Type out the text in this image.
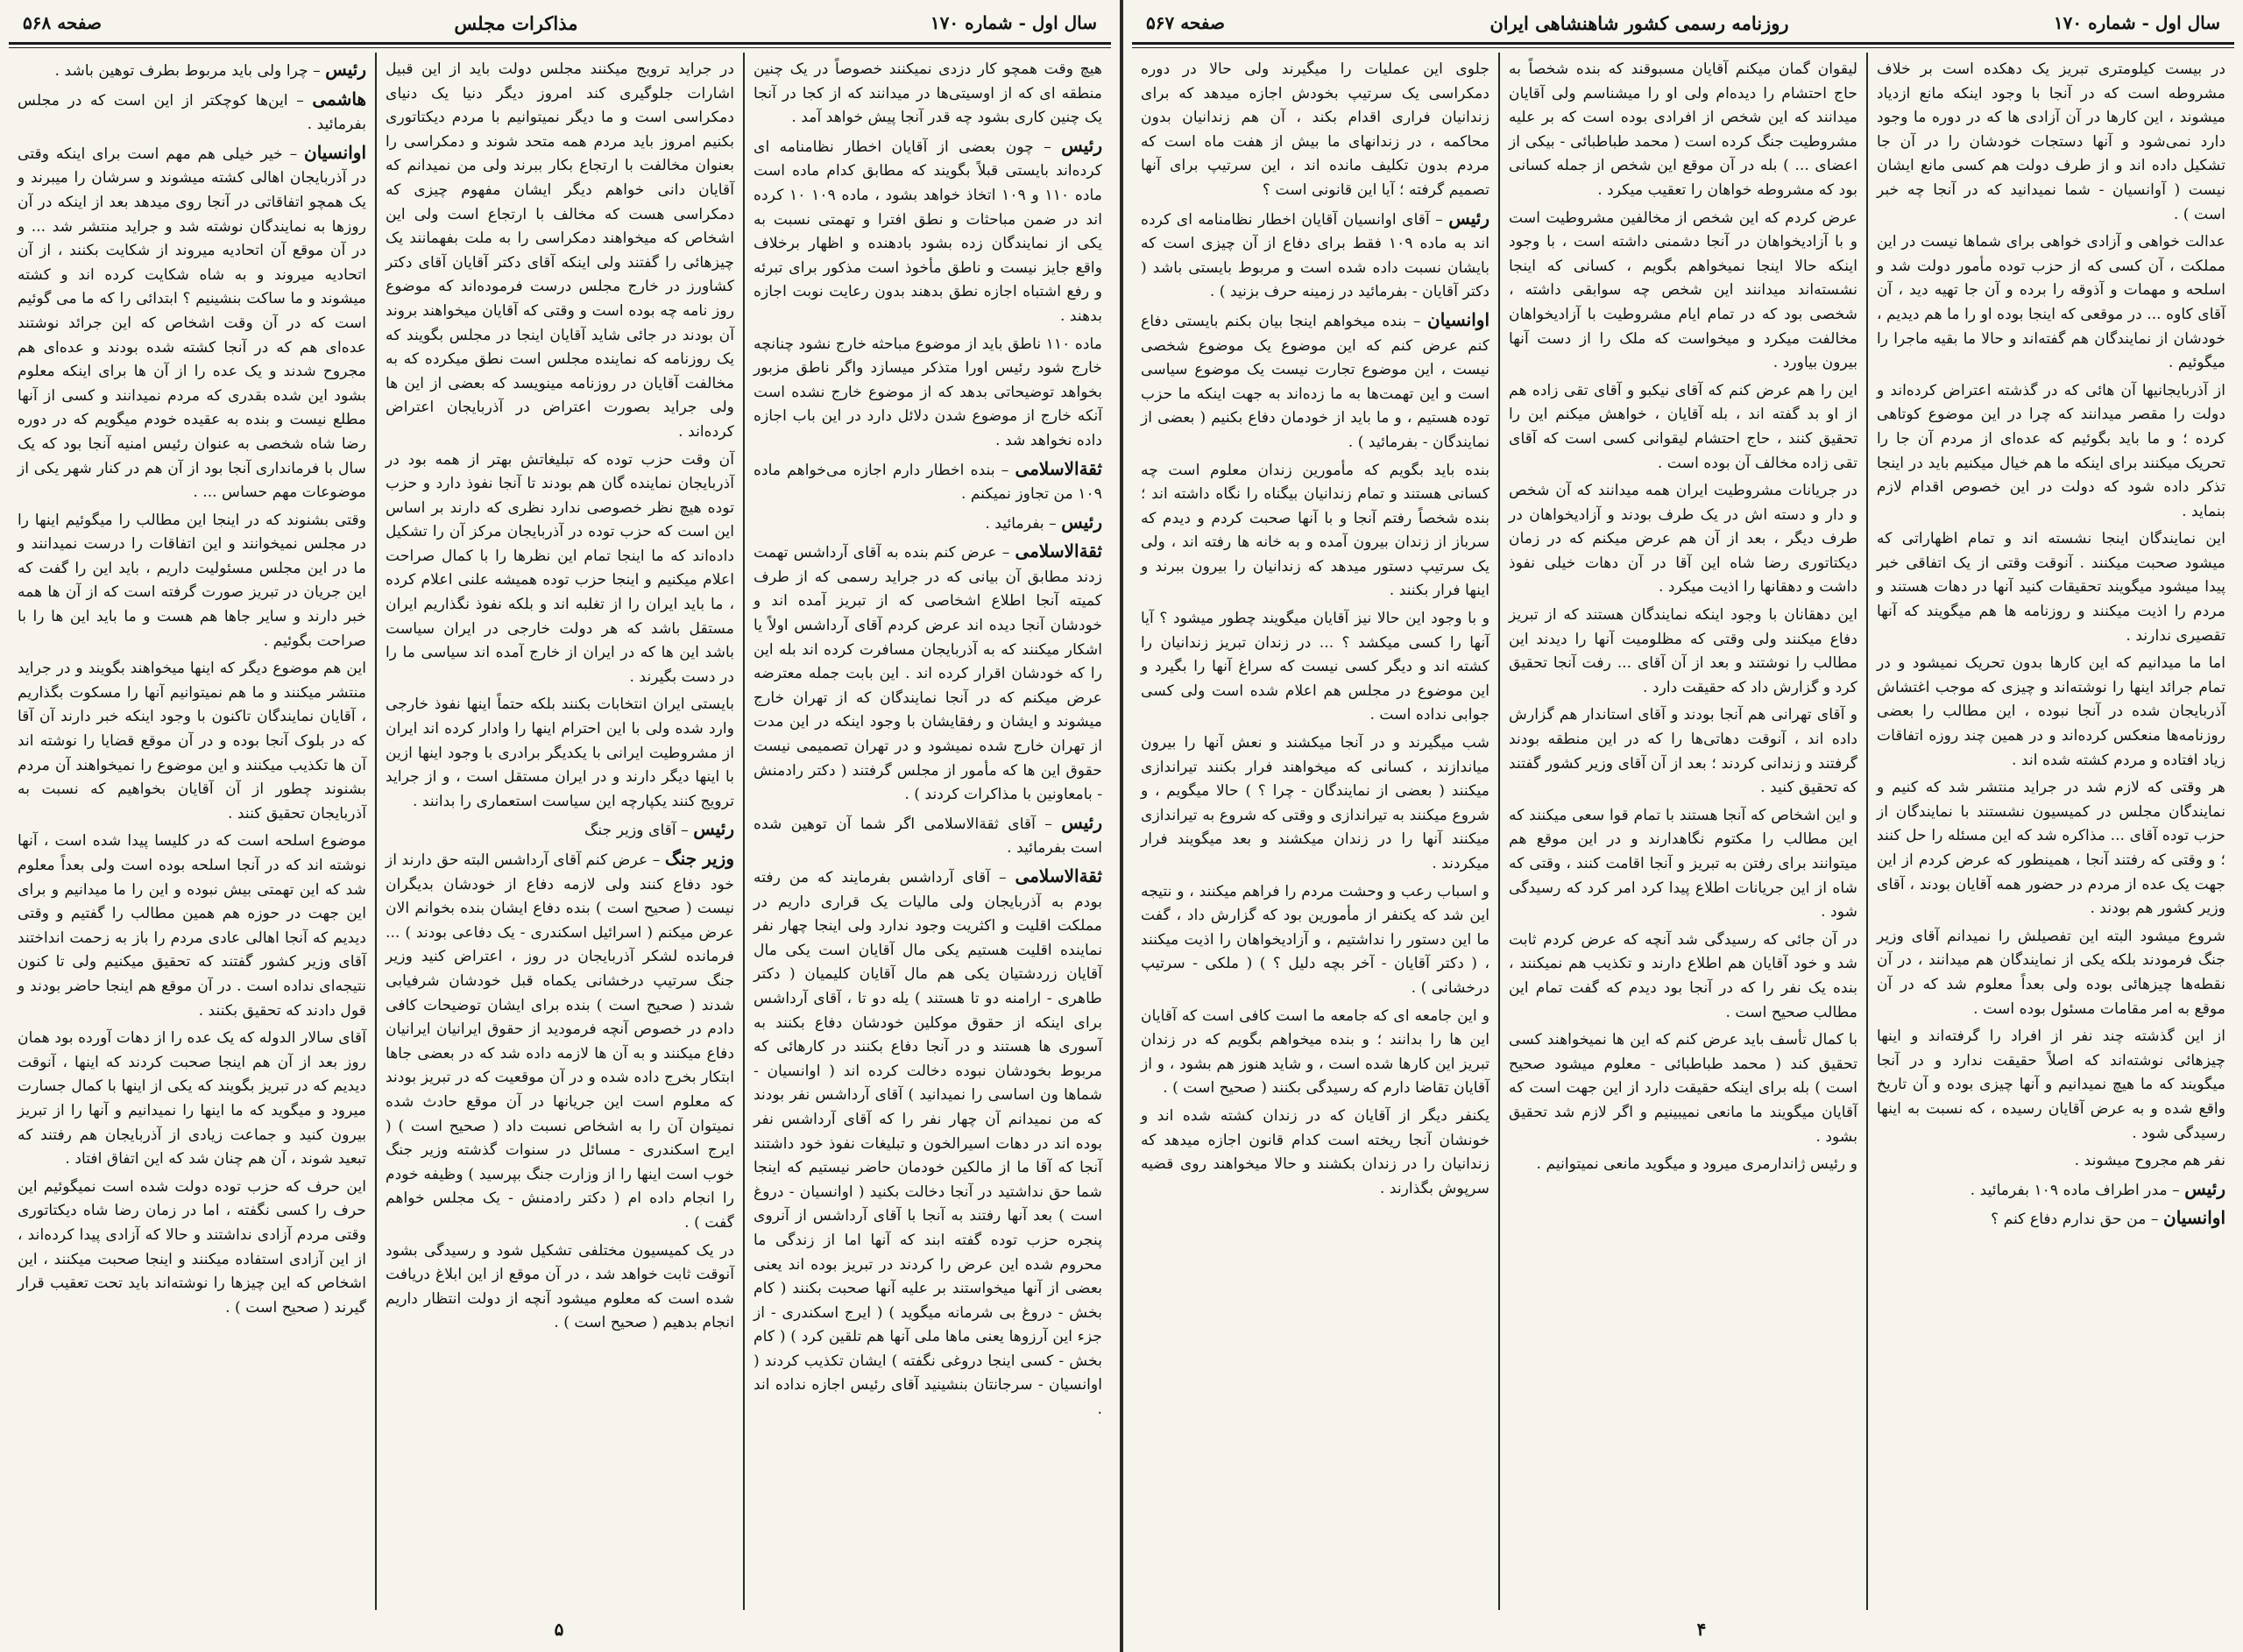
سال اول - شماره ۱۷۰
مذاکرات مجلس
صفحه ۵۶۸

هیچ وقت همچو کار دزدی نمیکنند خصوصاً در یک چنین منطقه ای که از اوسیتی‌ها در میدانند که از کجا در آنجا یک چنین کاری بشود چه قدر آنجا پیش خواهد آمد .

رئیس – چون بعضی از آقایان اخطار نظامنامه ای کرده‌اند بایستی قبلاً بگویند که مطابق کدام ماده است ماده ۱۱۰ و ۱۰۹ اتخاذ خواهد بشود ، ماده ۱۰۹ ۱۰ کرده اند در ضمن مباحثات و نطق افترا و تهمتی نسبت به یکی از نمایندگان زده بشود بادهنده و اظهار برخلاف واقع جایز نیست و ناطق مأخوذ است مذکور برای تبرئه و رفع اشتباه اجازه نطق بدهند بدون رعایت نوبت اجازه بدهند .

ماده ۱۱۰ ناطق باید از موضوع مباحثه خارج نشود چنانچه خارج شود رئیس اورا متذکر میسازد واگر ناطق مزبور بخواهد توضیحاتی بدهد که از موضوع خارج نشده است آنکه خارج از موضوع شدن دلائل دارد در این باب اجازه داده نخواهد شد .

ثقة‌الاسلامی – بنده اخطار دارم اجازه می‌خواهم ماده ۱۰۹ من تجاوز نمیکنم .

رئیس – بفرمائید .

ثقة‌الاسلامی – عرض کنم بنده به آقای آرداشس تهمت زدند مطابق آن بیانی که در جراید رسمی که از طرف کمیته آنجا اطلاع اشخاصی که از تبریز آمده اند و خودشان آنجا دیده اند عرض کردم آقای آرداشس اولاً یا اشکار میکنند که به آذربایجان مسافرت کرده اند بله این را که خودشان اقرار کرده اند . این بابت جمله معترضه عرض میکنم که در آنجا نمایندگان که از تهران خارج میشوند و ایشان و رفقایشان با وجود اینکه در این مدت از تهران خارج شده نمیشود و در تهران تصمیمی نیست حقوق این ها که مأمور از مجلس گرفتند ( دکتر رادمنش - بامعاونین با مذاکرات کردند ) .

رئیس – آقای ثقة‌الاسلامی اگر شما آن توهین شده است بفرمائید .

ثقة‌الاسلامی – آقای آرداشس بفرمایند که من رفته بودم به آذربایجان ولی مالیات یک قراری داریم در مملکت اقلیت و اکثریت وجود ندارد ولی اینجا چهار نفر نماینده اقلیت هستیم یکی مال آقایان است یکی مال آقایان زردشتیان یکی هم مال آقایان کلیمیان ( دکتر طاهری - ارامنه دو تا هستند ) یله دو تا ، آقای آرداشس برای اینکه از حقوق موکلین خودشان دفاع بکنند به آسوری ها هستند و در آنجا دفاع بکنند در کارهائی که مربوط بخودشان نبوده دخالت کرده اند ( اوانسیان - شماها ون اساسی را نمیدانید ) آقای آرداشس نفر بودند که من نمیدانم آن چهار نفر را که آقای آرداشس نفر بوده اند در دهات اسیرالخون و تبلیغات نفوذ خود داشتند آنجا که آقا ما از مالکین خودمان حاضر نیستیم که اینجا شما حق نداشتید در آنجا دخالت بکنید ( اوانسیان - دروغ است ) بعد آنها رفتند به آنجا با آقای آرداشس از آنروی پنجره حزب توده گفته ابند که آنها اما از زندگی ما محروم شده این عرض را کردند در تبریز بوده اند یعنی بعضی از آنها میخواستند بر علیه آنها صحبت بکنند ( کام بخش - دروغ بی شرمانه میگوید ) ( ایرج اسکندری - از جزء این آرزوها یعنی ماها ملی آنها هم تلقین کرد ) ( کام بخش - کسی اینجا دروغی نگفته ) ایشان تکذیب کردند ( اوانسیان - سرجانتان بنشینید آقای رئیس اجازه نداده اند .

در جراید ترویج میکنند مجلس دولت باید از این قبیل اشارات جلوگیری کند امروز دیگر دنیا یک دنیای دمکراسی است و ما دیگر نمیتوانیم با مردم دیکتاتوری بکنیم امروز باید مردم همه متحد شوند و دمکراسی را بعنوان مخالفت با ارتجاع بکار ببرند ولی من نمیدانم که آقایان دانی خواهم دیگر ایشان مفهوم چیزی که دمکراسی هست که مخالف با ارتجاع است ولی این اشخاص که میخواهند دمکراسی را به ملت بفهمانند یک چیزهائی را گفتند ولی اینکه آقای دکتر آقایان آقای دکتر کشاورز در خارج مجلس درست فرموده‌اند که موضوع روز نامه چه بوده است و وقتی که آقایان میخواهند بروند آن بودند در جائی شاید آقایان اینجا در مجلس بگویند که یک روزنامه که نماینده مجلس است نطق میکرده که به مخالفت آقایان در روزنامه مینویسد که بعضی از این ها ولی جراید بصورت اعتراض در آذربایجان اعتراض کرده‌اند .

آن وقت حزب توده که تبلیغاتش بهتر از همه بود در آذربایجان نماینده گان هم بودند تا آنجا نفوذ دارد و حزب توده هیچ نظر خصوصی ندارد نظری که دارند بر اساس این است که حزب توده در آذربایجان مرکز آن را تشکیل داده‌اند که ما اینجا تمام این نظرها را با کمال صراحت اعلام میکنیم و اینجا حزب توده همیشه علنی اعلام کرده ، ما باید ایران را از تغلبه اند و بلکه نفوذ نگذاریم ایران مستقل باشد که هر دولت خارجی در ایران سیاست باشد این ها که در ایران از خارج آمده اند سیاسی ما را در دست بگیرند .

بایستی ایران انتخابات بکنند بلکه حتماً اینها نفوذ خارجی وارد شده ولی با این احترام اینها را وادار کرده اند ایران از مشروطیت ایرانی با یکدیگر برادری با وجود اینها ازین با اینها دیگر دارند و در ایران مستقل است ، و از جراید ترویج کنند یکپارچه این سیاست استعماری را بدانند .

رئیس – آقای وزیر جنگ

وزیر جنگ – عرض کنم آقای آرداشس البته حق دارند از خود دفاع کنند ولی لازمه دفاع از خودشان بدیگران نیست ( صحیح است ) بنده دفاع ایشان بنده بخوانم الان عرض میکنم ( اسرائیل اسکندری - یک دفاعی بودند ) ... فرمانده لشکر آذربایجان در روز ، اعتراض کنید وزیر جنگ سرتیپ درخشانی یکماه قبل خودشان شرفیابی شدند ( صحیح است ) بنده برای ایشان توضیحات کافی دادم در خصوص آنچه فرمودید از حقوق ایرانیان ایرانیان دفاع میکنند و به آن ها لازمه داده شد که در بعضی جاها ابتکار بخرج داده شده و در آن موقعیت که در تبریز بودند که معلوم است این جریانها در آن موقع حادث شده نمیتوان آن را به اشخاص نسبت داد ( صحیح است ) ( ایرج اسکندری - مسائل در سنوات گذشته وزیر جنگ خوب است اینها را از وزارت جنگ بپرسید ) وظیفه خودم را انجام داده ام ( دکتر رادمنش - یک مجلس خواهم گفت ) .

در یک کمیسیون مختلفی تشکیل شود و رسیدگی بشود آنوقت ثابت خواهد شد ، در آن موقع از این ابلاغ دریافت شده است که معلوم میشود آنچه از دولت انتظار داریم انجام بدهیم ( صحیح است ) .

رئیس – چرا ولی باید مربوط بطرف توهین باشد .

هاشمی – این‌ها کوچکتر از این است که در مجلس بفرمائید .

اوانسیان – خیر خیلی هم مهم است برای اینکه وقتی در آذربایجان اهالی کشته میشوند و سرشان را میبرند و یک همچو اتفاقاتی در آنجا روی میدهد بعد از اینکه در آن روزها به نمایندگان نوشته شد و جراید منتشر شد ... و در آن موقع آن اتحادیه میروند از شکایت بکنند ، از آن اتحادیه میروند و به شاه شکایت کرده اند و کشته میشوند و ما ساکت بنشینیم ؟ ابتدائی را که ما می گوئیم است که در آن وقت اشخاص که این جرائد نوشتند عده‌ای هم که در آنجا کشته شده بودند و عده‌ای هم مجروح شدند و یک عده را از آن ها برای اینکه معلوم بشود این شده بقدری که مردم نمیدانند و کسی از آنها مطلع نیست و بنده به عقیده خودم میگویم که در دوره رضا شاه شخصی به عنوان رئیس امنیه آنجا بود که یک سال با فرمانداری آنجا بود از آن هم در کنار شهر یکی از موضوعات مهم حساس ... .

وقتی بشنوند که در اینجا این مطالب را میگوئیم اینها را در مجلس نمیخوانند و این اتفاقات را درست نمیدانند و ما در این مجلس مسئولیت داریم ، باید این را گفت که این جریان در تبریز صورت گرفته است که از آن ها همه خبر دارند و سایر جاها هم هست و ما باید این ها را با صراحت بگوئیم .

این هم موضوع دیگر که اینها میخواهند بگویند و در جراید منتشر میکنند و ما هم نمیتوانیم آنها را مسکوت بگذاریم ، آقایان نمایندگان تاکنون با وجود اینکه خبر دارند آن آقا که در بلوک آنجا بوده و در آن موقع قضایا را نوشته اند آن ها تکذیب میکنند و این موضوع را نمیخواهند آن مردم بشنوند چطور از آن آقایان بخواهیم که نسبت به آذربایجان تحقیق کنند .

موضوع اسلحه است که در کلیسا پیدا شده است ، آنها نوشته اند که در آنجا اسلحه بوده است ولی بعداً معلوم شد که این تهمتی بیش نبوده و این را ما میدانیم و برای این جهت در حوزه هم همین مطالب را گفتیم و وقتی دیدیم که آنجا اهالی عادی مردم را باز به زحمت انداختند آقای وزیر کشور گفتند که تحقیق میکنیم ولی تا کنون نتیجه‌ای نداده است . در آن موقع هم اینجا حاضر بودند و قول دادند که تحقیق بکنند .

آقای سالار الدوله که یک عده را از دهات آورده بود همان روز بعد از آن هم اینجا صحبت کردند که اینها ، آنوقت دیدیم که در تبریز بگویند که یکی از اینها با کمال جسارت میرود و میگوید که ما اینها را نمیدانیم و آنها را از تبریز بیرون کنید و جماعت زیادی از آذربایجان هم رفتند که تبعید شوند ، آن هم چنان شد که این اتفاق افتاد .

این حرف که حزب توده دولت شده است نمیگوئیم این حرف را کسی نگفته ، اما در زمان رضا شاه دیکتاتوری وقتی مردم آزادی نداشتند و حالا که آزادی پیدا کرده‌اند ، از این آزادی استفاده میکنند و اینجا صحبت میکنند ، این اشخاص که این چیزها را نوشته‌اند باید تحت تعقیب قرار گیرند ( صحیح است ) .

۵
سال اول - شماره ۱۷۰
روزنامه رسمی کشور شاهنشاهی ایران
صفحه ۵۶۷

در بیست کیلومتری تبریز یک دهکده است بر خلاف مشروطه است که در آنجا با وجود اینکه مانع ازدیاد میشوند ، این کارها در آن آزادی ها که در دوره ما وجود دارد نمی‌شود و آنها دستجات خودشان را در آن جا تشکیل داده اند و از طرف دولت هم کسی مانع ایشان نیست ( آوانسیان - شما نمیدانید که در آنجا چه خبر است ) .

عدالت خواهی و آزادی خواهی برای شماها نیست در این مملکت ، آن کسی که از حزب توده مأمور دولت شد و اسلحه و مهمات و آذوقه را برده و آن جا تهیه دید ، آن آقای کاوه ... در موقعی که اینجا بوده او را ما هم دیدیم ، خودشان از نمایندگان هم گفته‌اند و حالا ما بقیه ماجرا را میگوئیم .

از آذربایجانیها آن هائی که در گذشته اعتراض کرده‌اند و دولت را مقصر میدانند که چرا در این موضوع کوتاهی کرده ؛ و ما باید بگوئیم که عده‌ای از مردم آن جا را تحریک میکنند برای اینکه ما هم خیال میکنیم باید در اینجا تذکر داده شود که دولت در این خصوص اقدام لازم بنماید .

این نمایندگان اینجا نشسته اند و تمام اظهاراتی که میشود صحبت میکنند . آنوقت وقتی از یک اتفاقی خبر پیدا میشود میگویند تحقیقات کنید آنها در دهات هستند و مردم را اذیت میکنند و روزنامه ها هم میگویند که آنها تقصیری ندارند .

اما ما میدانیم که این کارها بدون تحریک نمیشود و در تمام جرائد اینها را نوشته‌اند و چیزی که موجب اغتشاش آذربایجان شده در آنجا نبوده ، این مطالب را بعضی روزنامه‌ها منعکس کرده‌اند و در همین چند روزه اتفاقات زیاد افتاده و مردم کشته شده اند .

هر وقتی که لازم شد در جراید منتشر شد که کنیم و نمایندگان مجلس در کمیسیون نشستند با نمایندگان از حزب توده آقای ... مذاکره شد که این مسئله را حل کنند ؛ و وقتی که رفتند آنجا ، همینطور که عرض کردم از این جهت یک عده از مردم در حضور همه آقایان بودند ، آقای وزیر کشور هم بودند .

شروع میشود البته این تفصیلش را نمیدانم آقای وزیر جنگ فرمودند بلکه یکی از نمایندگان هم میدانند ، در آن نقطه‌ها چیزهائی بوده ولی بعداً معلوم شد که در آن موقع به امر مقامات مسئول بوده است .

از این گذشته چند نفر از افراد را گرفته‌اند و اینها چیزهائی نوشته‌اند که اصلاً حقیقت ندارد و در آنجا میگویند که ما هیچ نمیدانیم و آنها چیزی بوده و آن تاریخ واقع شده و به عرض آقایان رسیده ، که نسبت به اینها رسیدگی شود .

نفر هم مجروح میشوند .

رئیس – مدر اطراف ماده ۱۰۹ بفرمائید .

اوانسیان – من حق ندارم دفاع کنم ؟

لیقوان گمان میکنم آقایان مسبوقند که بنده شخصاً به حاج احتشام را دیده‌ام ولی او را میشناسم ولی آقایان میدانند که این شخص از افرادی بوده است که بر علیه مشروطیت جنگ کرده است ( محمد طباطبائی - بیکی از اعضای ... ) بله در آن موقع این شخص از جمله کسانی بود که مشروطه خواهان را تعقیب میکرد .

عرض کردم که این شخص از مخالفین مشروطیت است و با آزادیخواهان در آنجا دشمنی داشته است ، با وجود اینکه حالا اینجا نمیخواهم بگویم ، کسانی که اینجا نشسته‌اند میدانند این شخص چه سوابقی داشته ، شخصی بود که در تمام ایام مشروطیت با آزادیخواهان مخالفت میکرد و میخواست که ملک را از دست آنها بیرون بیاورد .

این را هم عرض کنم که آقای نیکبو و آقای تقی زاده هم از او بد گفته اند ، بله آقایان ، خواهش میکنم این را تحقیق کنند ، حاج احتشام لیقوانی کسی است که آقای تقی زاده مخالف آن بوده است .

در جریانات مشروطیت ایران همه میدانند که آن شخص و دار و دسته اش در یک طرف بودند و آزادیخواهان در طرف دیگر ، بعد از آن هم عرض میکنم که در زمان دیکتاتوری رضا شاه این آقا در آن دهات خیلی نفوذ داشت و دهقانها را اذیت میکرد .

این دهقانان با وجود اینکه نمایندگان هستند که از تبریز دفاع میکنند ولی وقتی که مظلومیت آنها را دیدند این مطالب را نوشتند و بعد از آن آقای ... رفت آنجا تحقیق کرد و گزارش داد که حقیقت دارد .

و آقای تهرانی هم آنجا بودند و آقای استاندار هم گزارش داده اند ، آنوقت دهاتی‌ها را که در این منطقه بودند گرفتند و زندانی کردند ؛ بعد از آن آقای وزیر کشور گفتند که تحقیق کنید .

و این اشخاص که آنجا هستند با تمام قوا سعی میکنند که این مطالب را مکتوم نگاهدارند و در این موقع هم میتوانند برای رفتن به تبریز و آنجا اقامت کنند ، وقتی که شاه از این جریانات اطلاع پیدا کرد امر کرد که رسیدگی شود .

در آن جائی که رسیدگی شد آنچه که عرض کردم ثابت شد و خود آقایان هم اطلاع دارند و تکذیب هم نمیکنند ، بنده یک نفر را که در آنجا بود دیدم که گفت تمام این مطالب صحیح است .

با کمال تأسف باید عرض کنم که این ها نمیخواهند کسی تحقیق کند ( محمد طباطبائی - معلوم میشود صحیح است ) بله برای اینکه حقیقت دارد از این جهت است که آقایان میگویند ما مانعی نمیبینیم و اگر لازم شد تحقیق بشود .

و رئیس ژاندارمری میرود و میگوید مانعی نمیتوانیم .

جلوی این عملیات را میگیرند ولی حالا در دوره دمکراسی یک سرتیپ بخودش اجازه میدهد که برای زندانیان فراری اقدام بکند ، آن هم زندانیان بدون محاکمه ، در زندانهای ما بیش از هفت ماه است که مردم بدون تکلیف مانده اند ، این سرتیپ برای آنها تصمیم گرفته ؛ آیا این قانونی است ؟

رئیس – آقای اوانسیان آقایان اخطار نظامنامه ای کرده اند به ماده ۱۰۹ فقط برای دفاع از آن چیزی است که بایشان نسبت داده شده است و مربوط بایستی باشد ( دکتر آقایان - بفرمائید در زمینه حرف بزنید ) .

اوانسیان – بنده میخواهم اینجا بیان بکنم بایستی دفاع کنم عرض کنم که این موضوع یک موضوع شخصی نیست ، این موضوع تجارت نیست یک موضوع سیاسی است و این تهمت‌ها به ما زده‌اند به جهت اینکه ما حزب توده هستیم ، و ما باید از خودمان دفاع بکنیم ( بعضی از نمایندگان - بفرمائید ) .

بنده باید بگویم که مأمورین زندان معلوم است چه کسانی هستند و تمام زندانیان بیگناه را نگاه داشته اند ؛ بنده شخصاً رفتم آنجا و با آنها صحبت کردم و دیدم که سرباز از زندان بیرون آمده و به خانه ها رفته اند ، ولی یک سرتیپ دستور میدهد که زندانیان را بیرون ببرند و اینها فرار بکنند .

و با وجود این حالا نیز آقایان میگویند چطور میشود ؟ آیا آنها را کسی میکشد ؟ ... در زندان تبریز زندانیان را کشته اند و دیگر کسی نیست که سراغ آنها را بگیرد و این موضوع در مجلس هم اعلام شده است ولی کسی جوابی نداده است .

شب میگیرند و در آنجا میکشند و نعش آنها را بیرون میاندازند ، کسانی که میخواهند فرار بکنند تیراندازی میکنند ( بعضی از نمایندگان - چرا ؟ ) حالا میگویم ، و شروع میکنند به تیراندازی و وقتی که شروع به تیراندازی میکنند آنها را در زندان میکشند و بعد میگویند فرار میکردند .

و اسباب رعب و وحشت مردم را فراهم میکنند ، و نتیجه این شد که یکنفر از مأمورین بود که گزارش داد ، گفت ما این دستور را نداشتیم ، و آزادیخواهان را اذیت میکنند ، ( دکتر آقایان - آخر بچه دلیل ؟ ) ( ملکی - سرتیپ درخشانی ) .

و این جامعه ای که جامعه ما است کافی است که آقایان این ها را بدانند ؛ و بنده میخواهم بگویم که در زندان تبریز این کارها شده است ، و شاید هنوز هم بشود ، و از آقایان تقاضا دارم که رسیدگی بکنند ( صحیح است ) .

یکنفر دیگر از آقایان که در زندان کشته شده اند و خونشان آنجا ریخته است کدام قانون اجازه میدهد که زندانیان را در زندان بکشند و حالا میخواهند روی قضیه سرپوش بگذارند .

۴
